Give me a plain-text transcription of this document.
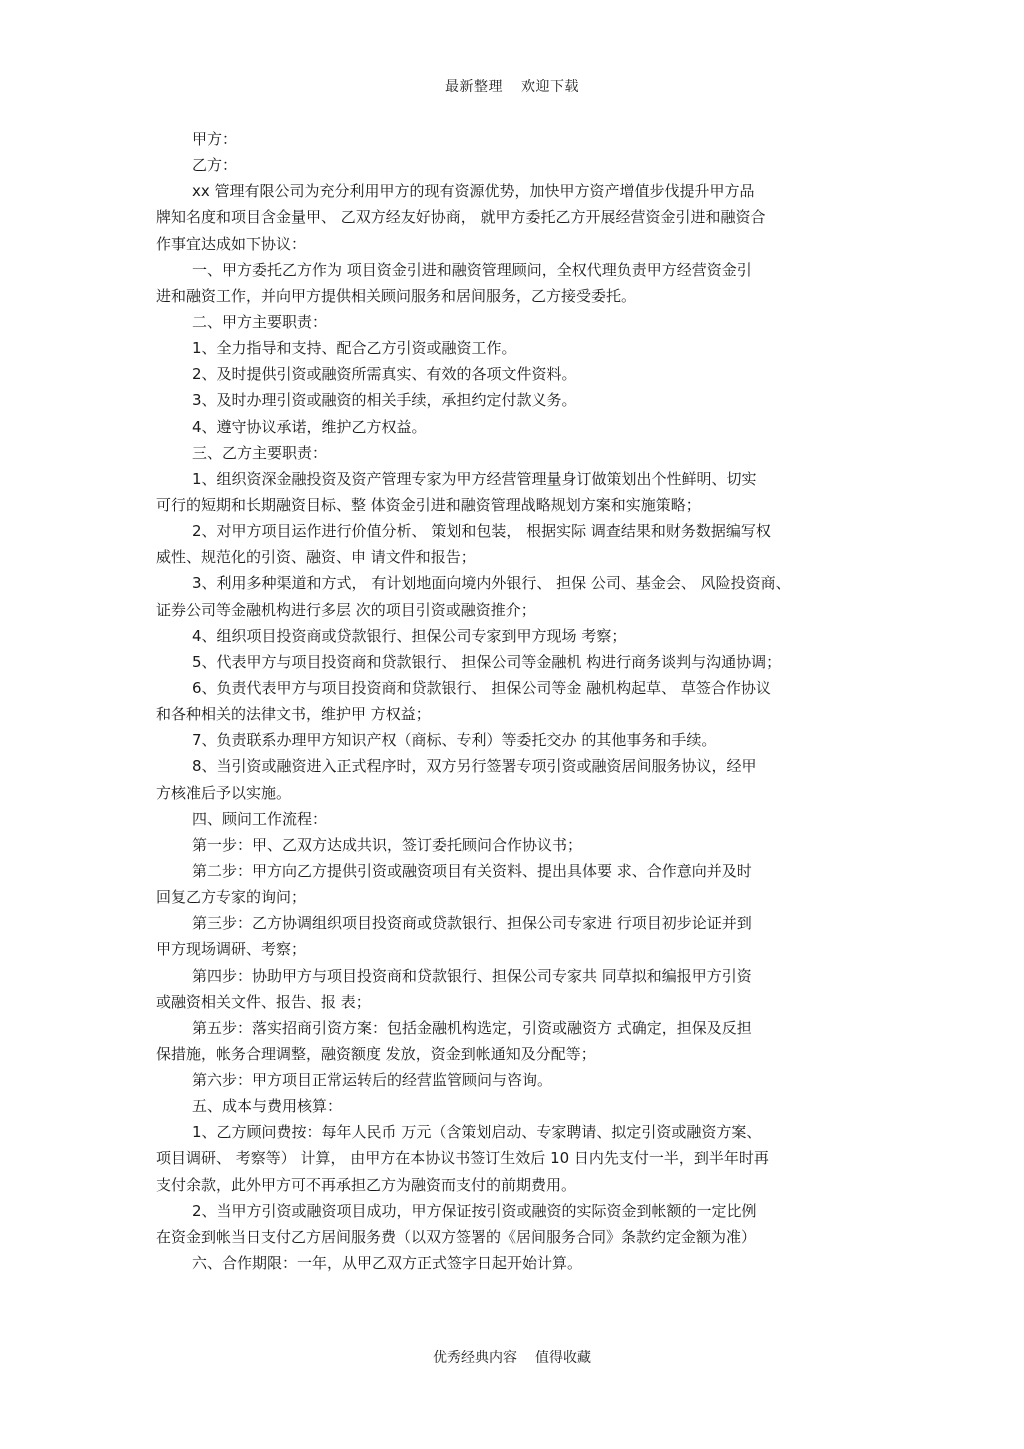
最新整理 欢迎下载
甲方：
乙方：
xx 管理有限公司为充分利用甲方的现有资源优势，加快甲方资产增值步伐提升甲方品
牌知名度和项目含金量甲、 乙双方经友好协商， 就甲方委托乙方开展经营资金引进和融资合
作事宜达成如下协议：
一、甲方委托乙方作为 项目资金引进和融资管理顾问，全权代理负责甲方经营资金引
进和融资工作，并向甲方提供相关顾问服务和居间服务，乙方接受委托。
二、甲方主要职责：
1、全力指导和支持、配合乙方引资或融资工作。
2、及时提供引资或融资所需真实、有效的各项文件资料。
3、及时办理引资或融资的相关手续，承担约定付款义务。
4、遵守协议承诺，维护乙方权益。
三、乙方主要职责：
1、组织资深金融投资及资产管理专家为甲方经营管理量身订做策划出个性鲜明、切实
可行的短期和长期融资目标、整 体资金引进和融资管理战略规划方案和实施策略；
2、对甲方项目运作进行价值分析、 策划和包装， 根据实际 调查结果和财务数据编写权
威性、规范化的引资、融资、申 请文件和报告；
3、利用多种渠道和方式， 有计划地面向境内外银行、 担保 公司、基金会、 风险投资商、
证券公司等金融机构进行多层 次的项目引资或融资推介；
4、组织项目投资商或贷款银行、担保公司专家到甲方现场 考察；
5、代表甲方与项目投资商和贷款银行、 担保公司等金融机 构进行商务谈判与沟通协调；
6、负责代表甲方与项目投资商和贷款银行、 担保公司等金 融机构起草、 草签合作协议
和各种相关的法律文书，维护甲 方权益；
7、负责联系办理甲方知识产权（商标、专利）等委托交办 的其他事务和手续。
8、当引资或融资进入正式程序时，双方另行签署专项引资或融资居间服务协议，经甲
方核准后予以实施。
四、顾问工作流程：
第一步：甲、乙双方达成共识，签订委托顾问合作协议书；
第二步：甲方向乙方提供引资或融资项目有关资料、提出具体要 求、合作意向并及时
回复乙方专家的询问；
第三步：乙方协调组织项目投资商或贷款银行、担保公司专家进 行项目初步论证并到
甲方现场调研、考察；
第四步：协助甲方与项目投资商和贷款银行、担保公司专家共 同草拟和编报甲方引资
或融资相关文件、报告、报 表；
第五步：落实招商引资方案：包括金融机构选定，引资或融资方 式确定，担保及反担
保措施，帐务合理调整，融资额度 发放，资金到帐通知及分配等；
第六步：甲方项目正常运转后的经营监管顾问与咨询。
五、成本与费用核算：
1、乙方顾问费按：每年人民币 万元（含策划启动、专家聘请、拟定引资或融资方案、
项目调研、 考察等） 计算， 由甲方在本协议书签订生效后 10 日内先支付一半，到半年时再
支付余款，此外甲方可不再承担乙方为融资而支付的前期费用。
2、当甲方引资或融资项目成功，甲方保证按引资或融资的实际资金到帐额的一定比例
在资金到帐当日支付乙方居间服务费（以双方签署的《居间服务合同》条款约定金额为准）
六、合作期限：一年，从甲乙双方正式签字日起开始计算。
优秀经典内容 值得收藏
